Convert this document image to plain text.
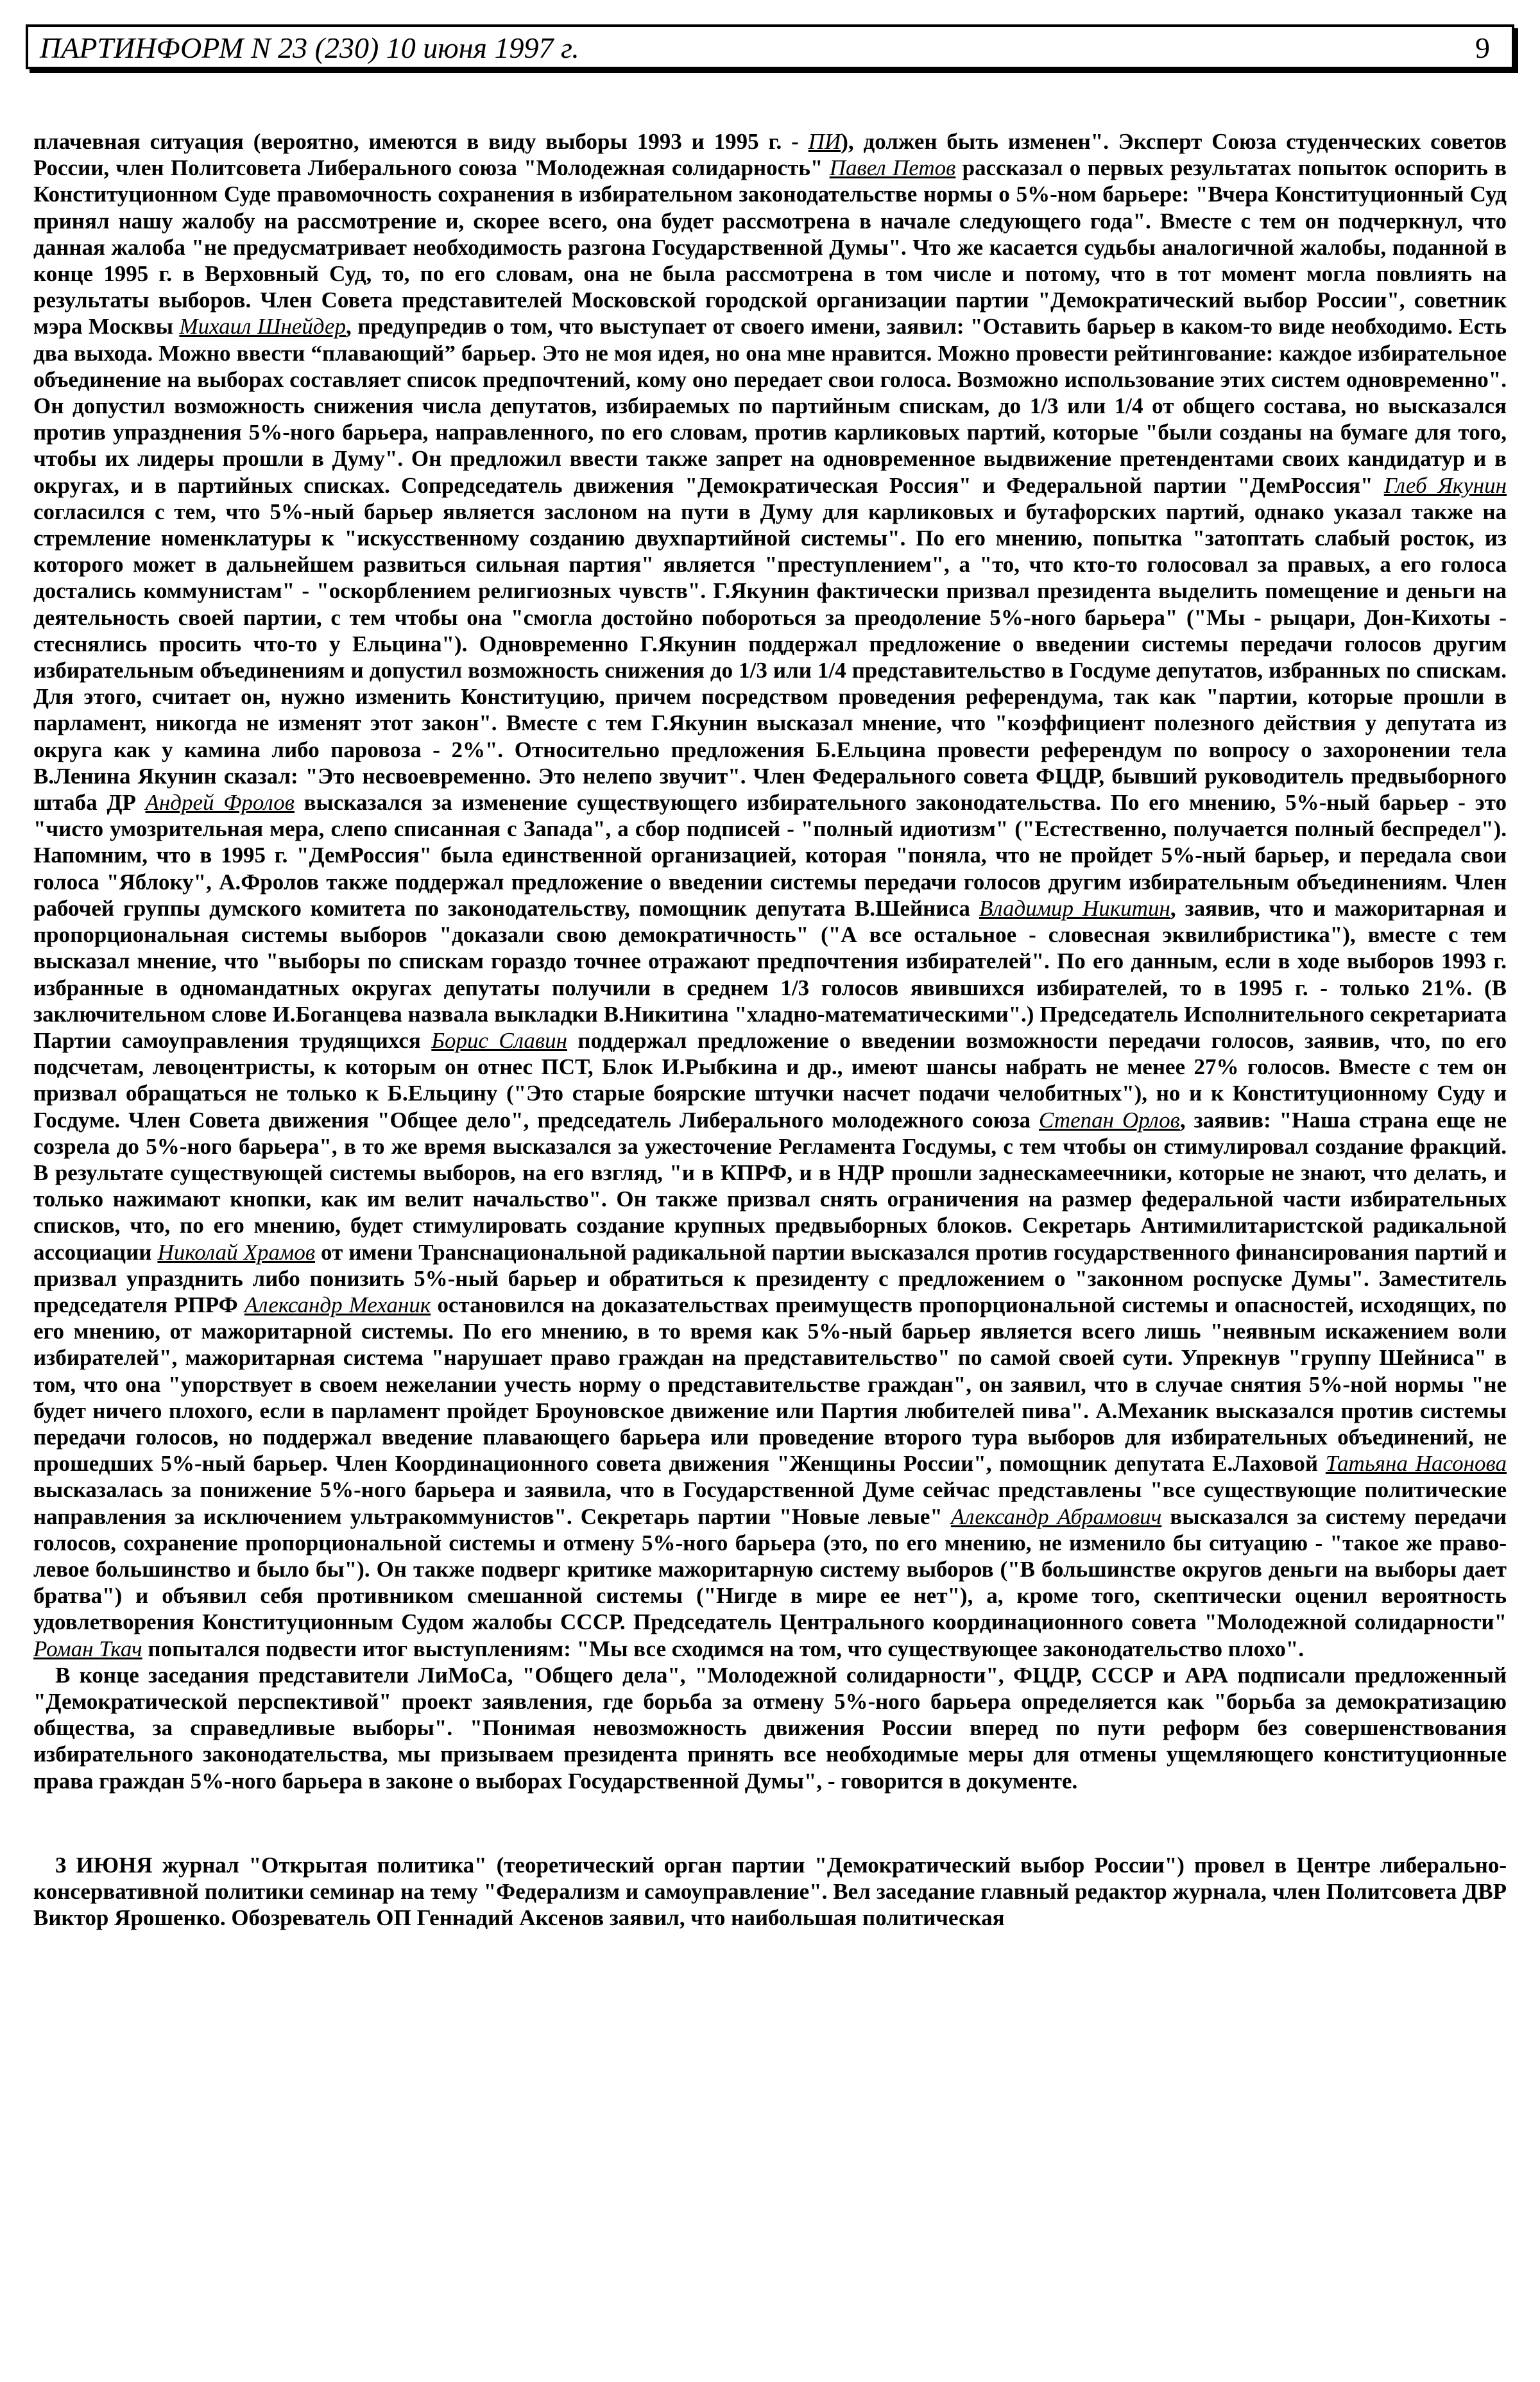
ПАРТИНФОРМ N 23 (230) 10 июня 1997 г.	9

плачевная ситуация (вероятно, имеются в виду выборы 1993 и 1995 г. - ПИ), должен быть изменен". Эксперт Союза студенческих советов России, член Политсовета Либерального союза "Молодежная солидарность" Павел Петов рассказал о первых результатах попыток оспорить в Конституционном Суде правомочность сохранения в избирательном законодательстве нормы о 5%-ном барьере: "Вчера Конституционный Суд принял нашу жалобу на рассмотрение и, скорее всего, она будет рассмотрена в начале следующего года". Вместе с тем он подчеркнул, что данная жалоба "не предусматривает необходимость разгона Государственной Думы". Что же касается судьбы аналогичной жалобы, поданной в конце 1995 г. в Верховный Суд, то, по его словам, она не была рассмотрена в том числе и потому, что в тот момент могла повлиять на результаты выборов. Член Совета представителей Московской городской организации партии "Демократический выбор России", советник мэра Москвы Михаил Шнейдер, предупредив о том, что выступает от своего имени, заявил: "Оставить барьер в каком-то виде необходимо. Есть два выхода. Можно ввести “плавающий” барьер. Это не моя идея, но она мне нравится. Можно провести рейтингование: каждое избирательное объединение на выборах составляет список предпочтений, кому оно передает свои голоса. Возможно использование этих систем одновременно". Он допустил возможность снижения числа депутатов, избираемых по партийным спискам, до 1/3 или 1/4 от общего состава, но высказался против упразднения 5%-ного барьера, направленного, по его словам, против карликовых партий, которые "были созданы на бумаге для того, чтобы их лидеры прошли в Думу". Он предложил ввести также запрет на одновременное выдвижение претендентами своих кандидатур и в округах, и в партийных списках. Сопредседатель движения "Демократическая Россия" и Федеральной партии "ДемРоссия" Глеб Якунин согласился с тем, что 5%-ный барьер является заслоном на пути в Думу для карликовых и бутафорских партий, однако указал также на стремление номенклатуры к "искусственному созданию двухпартийной системы". По его мнению, попытка "затоптать слабый росток, из которого может в дальнейшем развиться сильная партия" является "преступлением", а "то, что кто-то голосовал за правых, а его голоса достались коммунистам" - "оскорблением религиозных чувств". Г.Якунин фактически призвал президента выделить помещение и деньги на деятельность своей партии, с тем чтобы она "смогла достойно побороться за преодоление 5%-ного барьера" ("Мы - рыцари, Дон-Кихоты - стеснялись просить что-то у Ельцина"). Одновременно Г.Якунин поддержал предложение о введении системы передачи голосов другим избирательным объединениям и допустил возможность снижения до 1/3 или 1/4 представительство в Госдуме депутатов, избранных по спискам. Для этого, считает он, нужно изменить Конституцию, причем посредством проведения референдума, так как "партии, которые прошли в парламент, никогда не изменят этот закон". Вместе с тем Г.Якунин высказал мнение, что "коэффициент полезного действия у депутата из округа как у камина либо паровоза - 2%". Относительно предложения Б.Ельцина провести референдум по вопросу о захоронении тела В.Ленина Якунин сказал: "Это несвоевременно. Это нелепо звучит". Член Федерального совета ФЦДР, бывший руководитель предвыборного штаба ДР Андрей Фролов высказался за изменение существующего избирательного законодательства. По его мнению, 5%-ный барьер - это "чисто умозрительная мера, слепо списанная с Запада", а сбор подписей - "полный идиотизм" ("Естественно, получается полный беспредел"). Напомним, что в 1995 г. "ДемРоссия" была единственной организацией, которая "поняла, что не пройдет 5%-ный барьер, и передала свои голоса "Яблоку", А.Фролов также поддержал предложение о введении системы передачи голосов другим избирательным объединениям. Член рабочей группы думского комитета по законодательству, помощник депутата В.Шейниса Владимир Никитин, заявив, что и мажоритарная и пропорциональная системы выборов "доказали свою демократичность" ("А все остальное - словесная эквилибристика"), вместе с тем высказал мнение, что "выборы по спискам гораздо точнее отражают предпочтения избирателей". По его данным, если в ходе выборов 1993 г. избранные в одномандатных округах депутаты получили в среднем 1/3 голосов явившихся избирателей, то в 1995 г. - только 21%. (В заключительном слове И.Боганцева назвала выкладки В.Никитина "хладно-математическими".) Председатель Исполнительного секретариата Партии самоуправления трудящихся Борис Славин поддержал предложение о введении возможности передачи голосов, заявив, что, по его подсчетам, левоцентристы, к которым он отнес ПСТ, Блок И.Рыбкина и др., имеют шансы набрать не менее 27% голосов. Вместе с тем он призвал обращаться не только к Б.Ельцину ("Это старые боярские штучки насчет подачи челобитных"), но и к Конституционному Суду и Госдуме. Член Совета движения "Общее дело", председатель Либерального молодежного союза Степан Орлов, заявив: "Наша страна еще не созрела до 5%-ного барьера", в то же время высказался за ужесточение Регламента Госдумы, с тем чтобы он стимулировал создание фракций. В результате существующей системы выборов, на его взгляд, "и в КПРФ, и в НДР прошли заднескамеечники, которые не знают, что делать, и только нажимают кнопки, как им велит начальство". Он также призвал снять ограничения на размер федеральной части избирательных списков, что, по его мнению, будет стимулировать создание крупных предвыборных блоков. Секретарь Антимилитаристской радикальной ассоциации Николай Храмов от имени Транснациональной радикальной партии высказался против государственного финансирования партий и призвал упразднить либо понизить 5%-ный барьер и обратиться к президенту с предложением о "законном роспуске Думы". Заместитель председателя РПРФ Александр Механик остановился на доказательствах преимуществ пропорциональной системы и опасностей, исходящих, по его мнению, от мажоритарной системы. По его мнению, в то время как 5%-ный барьер является всего лишь "неявным искажением воли избирателей", мажоритарная система "нарушает право граждан на представительство" по самой своей сути. Упрекнув "группу Шейниса" в том, что она "упорствует в своем нежелании учесть норму о представительстве граждан", он заявил, что в случае снятия 5%-ной нормы "не будет ничего плохого, если в парламент пройдет Броуновское движение или Партия любителей пива". А.Механик высказался против системы передачи голосов, но поддержал введение плавающего барьера или проведение второго тура выборов для избирательных объединений, не прошедших 5%-ный барьер. Член Координационного совета движения "Женщины России", помощник депутата Е.Лаховой Татьяна Насонова высказалась за понижение 5%-ного барьера и заявила, что в Государственной Думе сейчас представлены "все существующие политические направления за исключением ультракоммунистов". Секретарь партии "Новые левые" Александр Абрамович высказался за систему передачи голосов, сохранение пропорциональной системы и отмену 5%-ного барьера (это, по его мнению, не изменило бы ситуацию - "такое же право-левое большинство и было бы"). Он также подверг критике мажоритарную систему выборов ("В большинстве округов деньги на выборы дает братва") и объявил себя противником смешанной системы ("Нигде в мире ее нет"), а, кроме того, скептически оценил вероятность удовлетворения Конституционным Судом жалобы СССР. Председатель Центрального координационного совета "Молодежной солидарности" Роман Ткач попытался подвести итог выступлениям: "Мы все сходимся на том, что существующее законодательство плохо".

В конце заседания представители ЛиМоСа, "Общего дела", "Молодежной солидарности", ФЦДР, СССР и АРА подписали предложенный "Демократической перспективой" проект заявления, где борьба за отмену 5%-ного барьера определяется как "борьба за демократизацию общества, за справедливые выборы". "Понимая невозможность движения России вперед по пути реформ без совершенствования избирательного законодательства, мы призываем президента принять все необходимые меры для отмены ущемляющего конституционные права граждан 5%-ного барьера в законе о выборах Государственной Думы", - говорится в документе.

3 ИЮНЯ журнал "Открытая политика" (теоретический орган партии "Демократический выбор России") провел в Центре либерально-консервативной политики семинар на тему "Федерализм и самоуправление". Вел заседание главный редактор журнала, член Политсовета ДВР Виктор Ярошенко. Обозреватель ОП Геннадий Аксенов заявил, что наибольшая политическая
